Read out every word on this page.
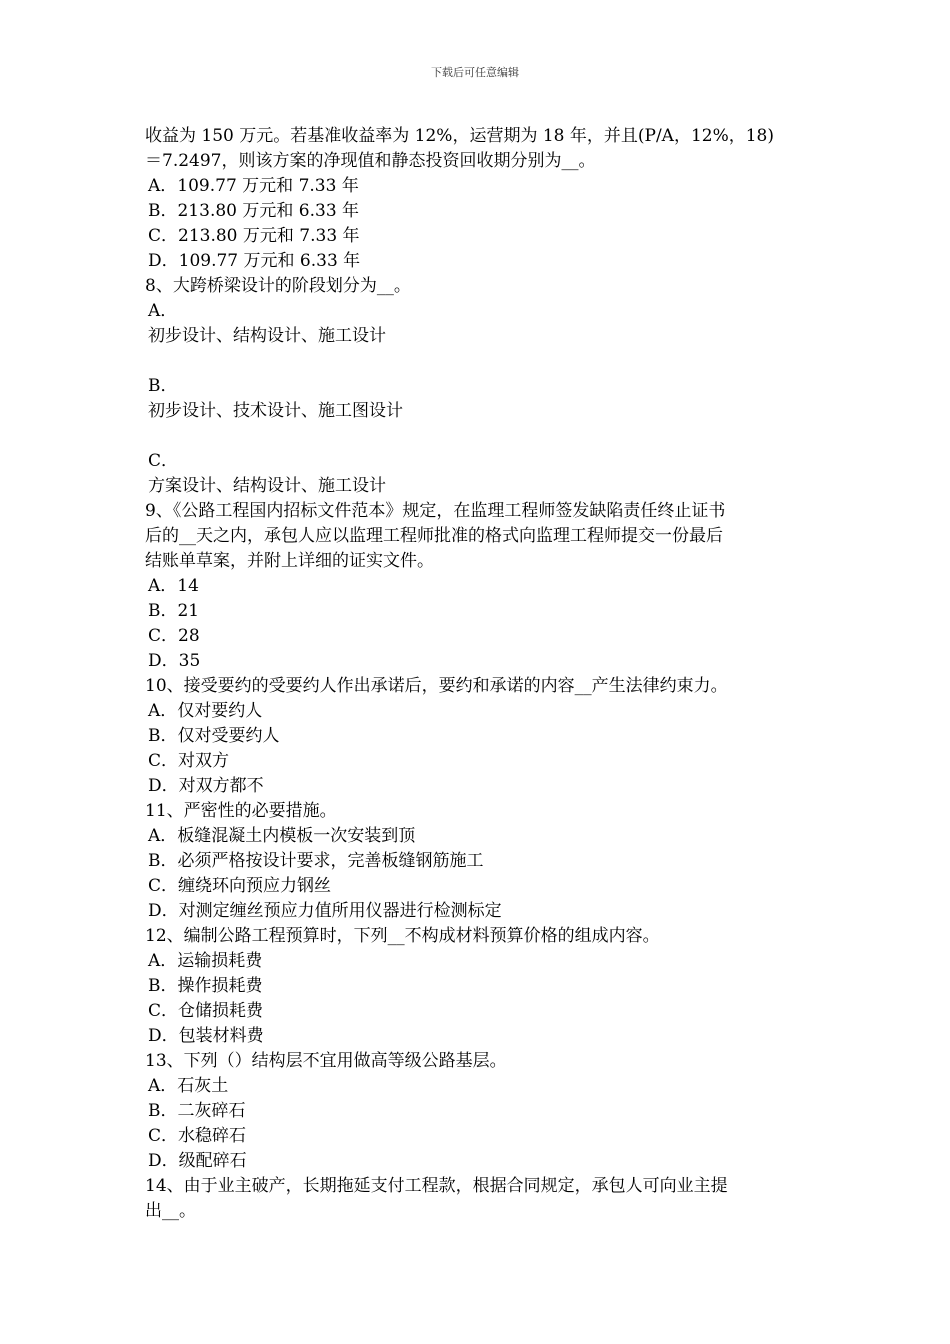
下载后可任意编辑

收益为 150 万元。若基准收益率为 12%，运营期为 18 年，并且(P/A，12%，18)

＝7.2497，则该方案的净现值和静态投资回收期分别为__。

A．109.77 万元和 7.33 年

B．213.80 万元和 6.33 年

C．213.80 万元和 7.33 年

D．109.77 万元和 6.33 年

8、大跨桥梁设计的阶段划分为__。

A．

初步设计、结构设计、施工设计

B．

初步设计、技术设计、施工图设计

C．

方案设计、结构设计、施工设计

9、《公路工程国内招标文件范本》规定，在监理工程师签发缺陷责任终止证书

后的__天之内，承包人应以监理工程师批准的格式向监理工程师提交一份最后

结账单草案，并附上详细的证实文件。

A．14

B．21

C．28

D．35

10、接受要约的受要约人作出承诺后，要约和承诺的内容__产生法律约束力。

A．仅对要约人

B．仅对受要约人

C．对双方

D．对双方都不

11、严密性的必要措施。

A．板缝混凝土内模板一次安装到顶

B．必须严格按设计要求，完善板缝钢筋施工

C．缠绕环向预应力钢丝

D．对测定缠丝预应力值所用仪器进行检测标定

12、编制公路工程预算时，下列__不构成材料预算价格的组成内容。

A．运输损耗费

B．操作损耗费

C．仓储损耗费

D．包装材料费

13、下列（）结构层不宜用做高等级公路基层。

A．石灰土

B．二灰碎石

C．水稳碎石

D．级配碎石

14、由于业主破产，长期拖延支付工程款，根据合同规定，承包人可向业主提

出__。
